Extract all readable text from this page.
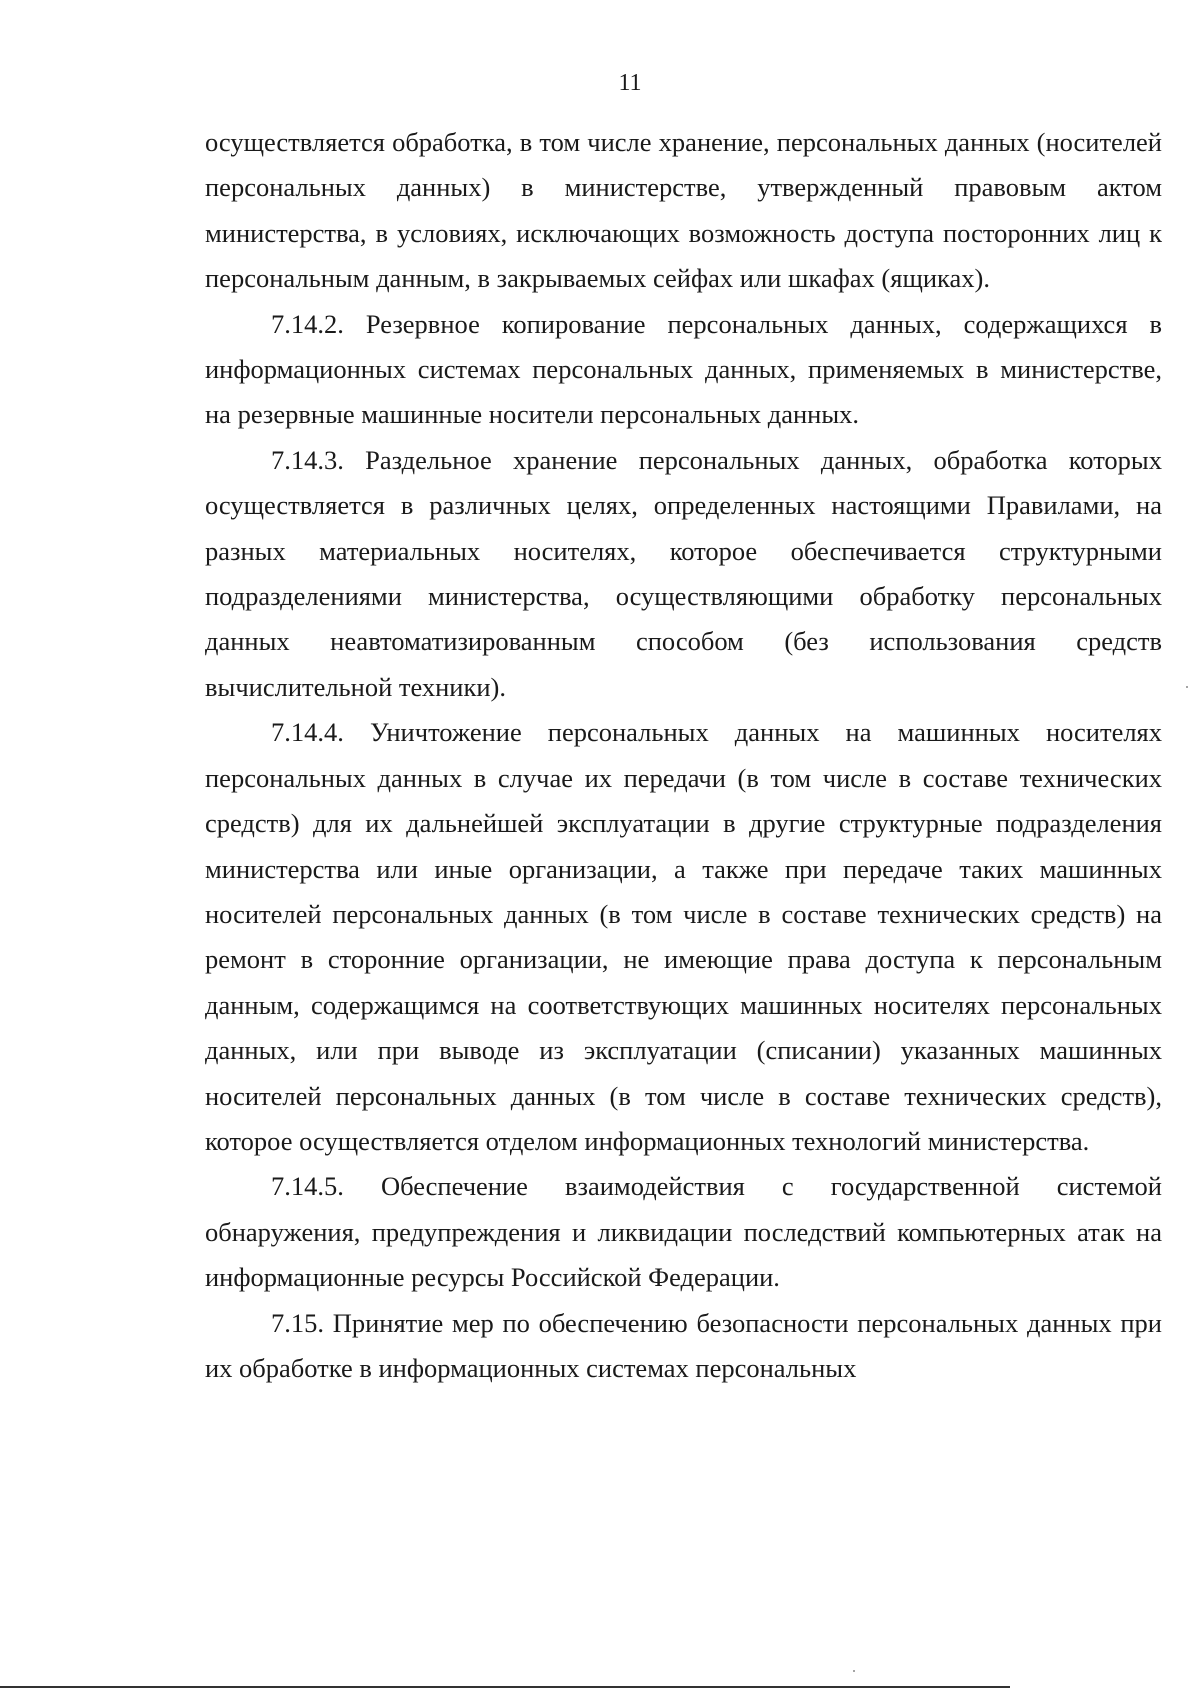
11

осуществляется обработка, в том числе хранение, персональных данных (носителей персональных данных) в министерстве, утвержденный правовым актом министерства, в условиях, исключающих возможность доступа посторонних лиц к персональным данным, в закрываемых сейфах или шкафах (ящиках).

7.14.2. Резервное копирование персональных данных, содержащихся в информационных системах персональных данных, применяемых в министерстве, на резервные машинные носители персональных данных.

7.14.3. Раздельное хранение персональных данных, обработка которых осуществляется в различных целях, определенных настоящими Правилами, на разных материальных носителях, которое обеспечивается структурными подразделениями министерства, осуществляющими обработку персональных данных неавтоматизированным способом (без использования средств вычислительной техники).

7.14.4. Уничтожение персональных данных на машинных носителях персональных данных в случае их передачи (в том числе в составе технических средств) для их дальнейшей эксплуатации в другие структурные подразделения министерства или иные организации, а также при передаче таких машинных носителей персональных данных (в том числе в составе технических средств) на ремонт в сторонние организации, не имеющие права доступа к персональным данным, содержащимся на соответствующих машинных носителях персональных данных, или при выводе из эксплуатации (списании) указанных машинных носителей персональных данных (в том числе в составе технических средств), которое осуществляется отделом информационных технологий министерства.

7.14.5. Обеспечение взаимодействия с государственной системой обнаружения, предупреждения и ликвидации последствий компьютерных атак на информационные ресурсы Российской Федерации.

7.15. Принятие мер по обеспечению безопасности персональных данных при их обработке в информационных системах персональных
